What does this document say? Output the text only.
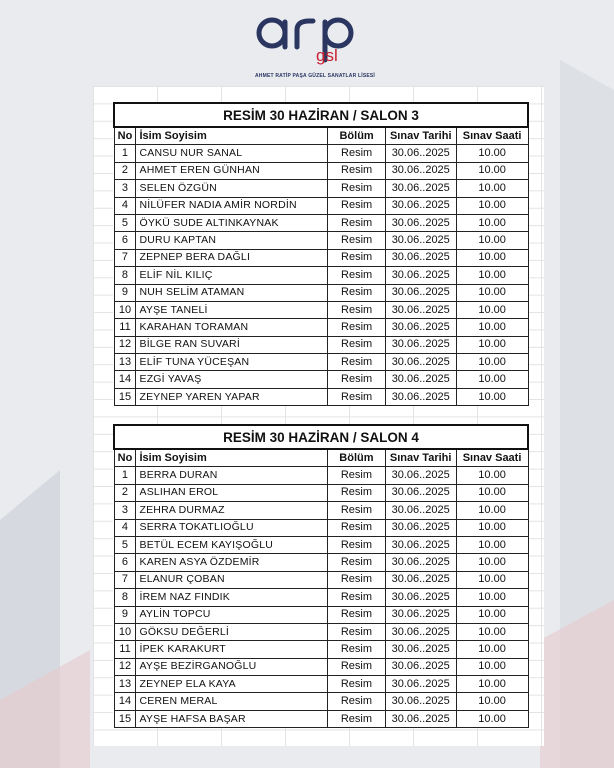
gsl
AHMET RATİP PAŞA GÜZEL SANATLAR LİSESİ
RESİM 30 HAZİRAN / SALON 3				
No	İsim Soyisim	Bölüm	Sınav Tarihi	Sınav Saati
1	CANSU NUR SANAL	Resim	30.06..2025	10.00
2	AHMET EREN GÜNHAN	Resim	30.06..2025	10.00
3	SELEN ÖZGÜN	Resim	30.06..2025	10.00
4	NİLÜFER NADIA AMİR NORDİN	Resim	30.06..2025	10.00
5	ÖYKÜ SUDE ALTINKAYNAK	Resim	30.06..2025	10.00
6	DURU KAPTAN	Resim	30.06..2025	10.00
7	ZEPNEP BERA DAĞLI	Resim	30.06..2025	10.00
8	ELİF NİL KILIÇ	Resim	30.06..2025	10.00
9	NUH SELİM ATAMAN	Resim	30.06..2025	10.00
10	AYŞE TANELİ	Resim	30.06..2025	10.00
11	KARAHAN TORAMAN	Resim	30.06..2025	10.00
12	BİLGE RAN SUVARİ	Resim	30.06..2025	10.00
13	ELİF TUNA YÜCEŞAN	Resim	30.06..2025	10.00
14	EZGİ YAVAŞ	Resim	30.06..2025	10.00
15	ZEYNEP YAREN YAPAR	Resim	30.06..2025	10.00
RESİM 30 HAZİRAN / SALON 4				
No	İsim Soyisim	Bölüm	Sınav Tarihi	Sınav Saati
1	BERRA DURAN	Resim	30.06..2025	10.00
2	ASLIHAN EROL	Resim	30.06..2025	10.00
3	ZEHRA DURMAZ	Resim	30.06..2025	10.00
4	SERRA TOKATLIOĞLU	Resim	30.06..2025	10.00
5	BETÜL ECEM KAYIŞOĞLU	Resim	30.06..2025	10.00
6	KAREN ASYA ÖZDEMİR	Resim	30.06..2025	10.00
7	ELANUR ÇOBAN	Resim	30.06..2025	10.00
8	İREM NAZ FINDIK	Resim	30.06..2025	10.00
9	AYLİN TOPCU	Resim	30.06..2025	10.00
10	GÖKSU DEĞERLİ	Resim	30.06..2025	10.00
11	İPEK KARAKURT	Resim	30.06..2025	10.00
12	AYŞE BEZİRGANOĞLU	Resim	30.06..2025	10.00
13	ZEYNEP ELA KAYA	Resim	30.06..2025	10.00
14	CEREN MERAL	Resim	30.06..2025	10.00
15	AYŞE HAFSA BAŞAR	Resim	30.06..2025	10.00
